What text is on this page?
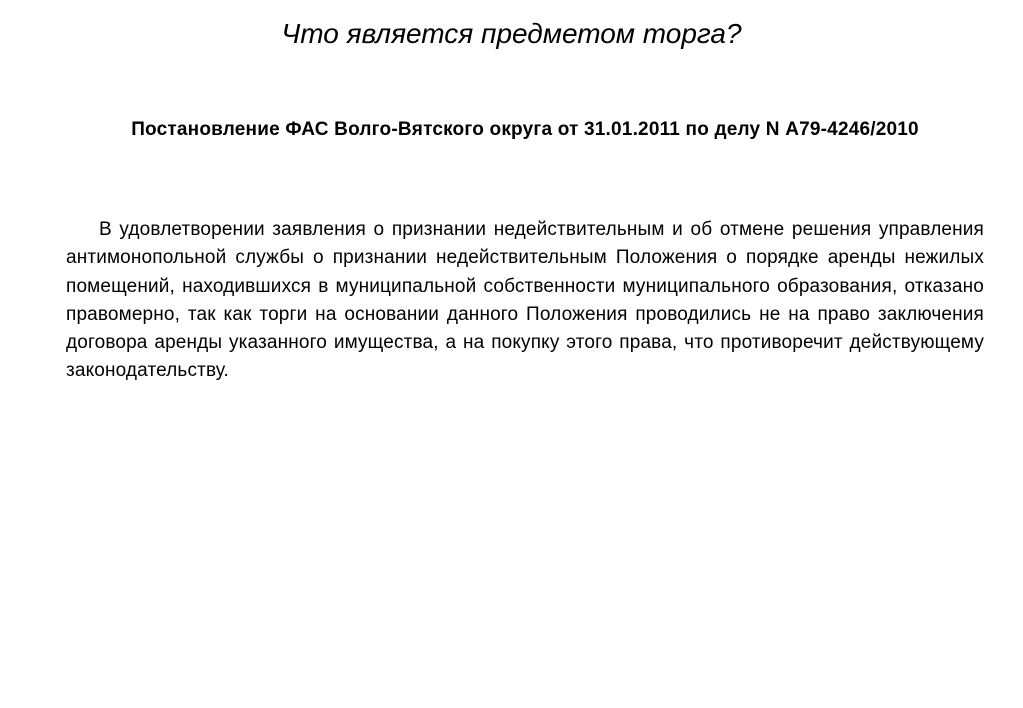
Что является предметом торга?

Постановление ФАС Волго-Вятского округа от 31.01.2011 по делу N А79-4246/2010

В удовлетворении заявления о признании недействительным и об отмене решения управления антимонопольной службы о признании недействительным Положения о порядке аренды нежилых помещений, находившихся в муниципальной собственности муниципального образования, отказано правомерно, так как торги на основании данного Положения проводились не на право заключения договора аренды указанного имущества, а на покупку этого права, что противоречит действующему законодательству.
